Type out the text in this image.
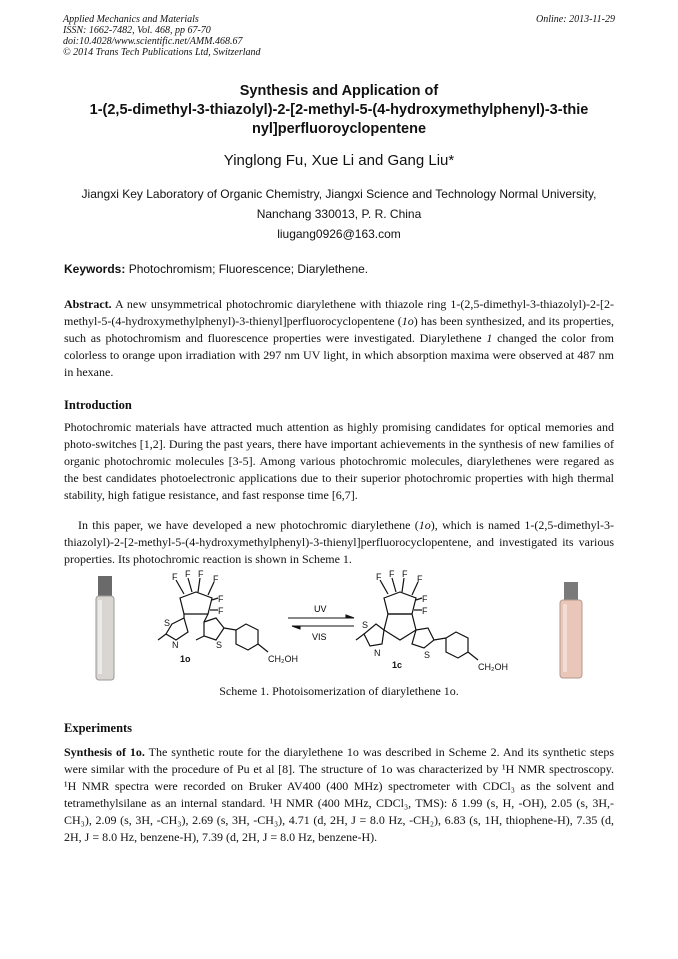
Applied Mechanics and Materials
ISSN: 1662-7482, Vol. 468, pp 67-70
doi:10.4028/www.scientific.net/AMM.468.67
© 2014 Trans Tech Publications Ltd, Switzerland
Online: 2013-11-29
Synthesis and Application of
1-(2,5-dimethyl-3-thiazolyl)-2-[2-methyl-5-(4-hydroxymethylphenyl)-3-thie
nyl]perfluoroyclopentene
Yinglong Fu, Xue Li and Gang Liu*
Jiangxi Key Laboratory of Organic Chemistry, Jiangxi Science and Technology Normal University,
Nanchang 330013, P. R. China
liugang0926@163.com
Keywords: Photochromism; Fluorescence; Diarylethene.
Abstract. A new unsymmetrical photochromic diarylethene with thiazole ring 1-(2,5-dimethyl-3-thiazolyl)-2-[2-methyl-5-(4-hydroxymethylphenyl)-3-thienyl]perfluorocyclopentene (1o) has been synthesized, and its properties, such as photochromism and fluorescence properties were investigated. Diarylethene 1 changed the color from colorless to orange upon irradiation with 297 nm UV light, in which absorption maxima were observed at 487 nm in hexane.
Introduction
Photochromic materials have attracted much attention as highly promising candidates for optical memories and photo-switches [1,2]. During the past years, there have important achievements in the synthesis of new families of organic photochromic molecules [3-5]. Among various photochromic molecules, diarylethenes were regared as the best candidates photoelectronic applications due to their superior photochromic properties with high thermal stability, high fatigue resistance, and fast response time [6,7].
In this paper, we have developed a new photochromic diarylethene (1o), which is named 1-(2,5-dimethyl-3-thiazolyl)-2-[2-methyl-5-(4-hydroxymethylphenyl)-3-thienyl]perfluorocyclopentene, and investigated its various properties. Its photochromic reaction is shown in Scheme 1.
F F F F
F
F
S
N	S
CH₂OH
1o
UV
VIS
F F F F
F
F
S
N	S
CH₂OH
1c
Scheme 1. Photoisomerization of diarylethene 1o.
Experiments
Synthesis of 1o. The synthetic route for the diarylethene 1o was described in Scheme 2. And its synthetic steps were similar with the procedure of Pu et al [8]. The structure of 1o was characterized by ¹H NMR spectroscopy. ¹H NMR spectra were recorded on Bruker AV400 (400 MHz) spectrometer with CDCl₃ as the solvent and tetramethylsilane as an internal standard. ¹H NMR (400 MHz, CDCl₃, TMS): δ 1.99 (s, H, -OH), 2.05 (s, 3H,-CH₃), 2.09 (s, 3H, -CH₃), 2.69 (s, 3H, -CH₃), 4.71 (d, 2H, J = 8.0 Hz, -CH₂), 6.83 (s, 1H, thiophene-H), 7.35 (d, 2H, J = 8.0 Hz, benzene-H), 7.39 (d, 2H, J = 8.0 Hz, benzene-H).
